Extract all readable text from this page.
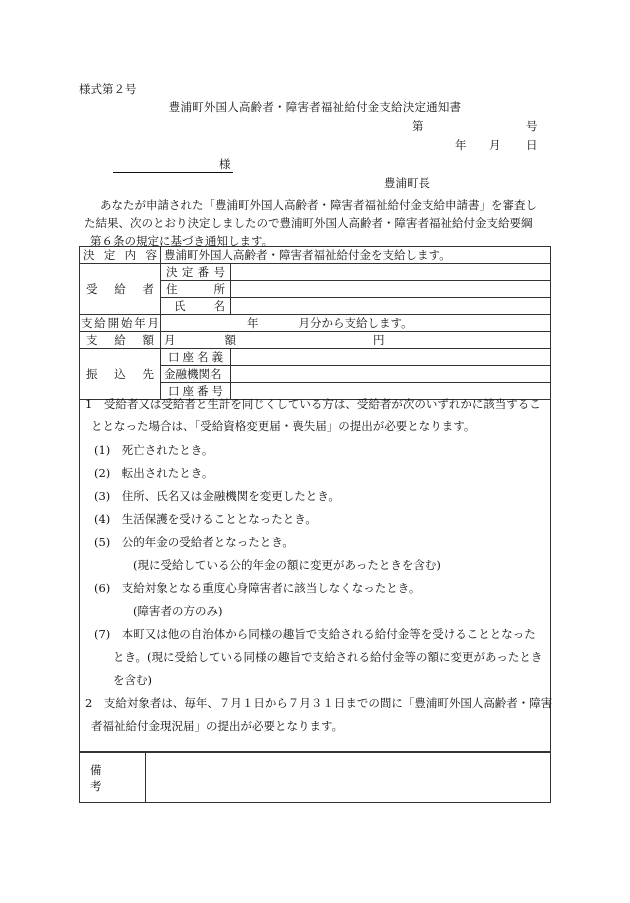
様式第２号
豊浦町外国人高齢者・障害者福祉給付金支給決定通知書
第	号
年 月 日
様
豊浦町長

あなたが申請された「豊浦町外国人高齢者・障害者福祉給付金支給申請書」を審査し

た結果、次のとおり決定しましたので豊浦町外国人高齢者・障害者福祉給付金支給要綱

第６条の規定に基づき通知します。

決定内容	豊浦町外国人高齢者・障害者福祉給付金を支給します。	

受給者	決定番号	

	住所	

	氏名	

支給開始年月	年 月分から支給します。	

支給額	月 額 円	

振込先	口座名義	

	金融機関名	

	口座番号	

1　受給者又は受給者と生計を同じくしている方は、受給者が次のいずれかに該当するこ
ととなった場合は、「受給資格変更届・喪失届」の提出が必要となります。
(1)　死亡されたとき。
(2)　転出されたとき。
(3)　住所、氏名又は金融機関を変更したとき。
(4)　生活保護を受けることとなったとき。
(5)　公的年金の受給者となったとき。
(現に受給している公的年金の額に変更があったときを含む)
(6)　支給対象となる重度心身障害者に該当しなくなったとき。
(障害者の方のみ)
(7)　本町又は他の自治体から同様の趣旨で支給される給付金等を受けることとなった
とき。(現に受給している同様の趣旨で支給される給付金等の額に変更があったとき
を含む)
2　支給対象者は、毎年、７月１日から７月３１日までの間に「豊浦町外国人高齢者・障害
者福祉給付金現況届」の提出が必要となります。
備考
